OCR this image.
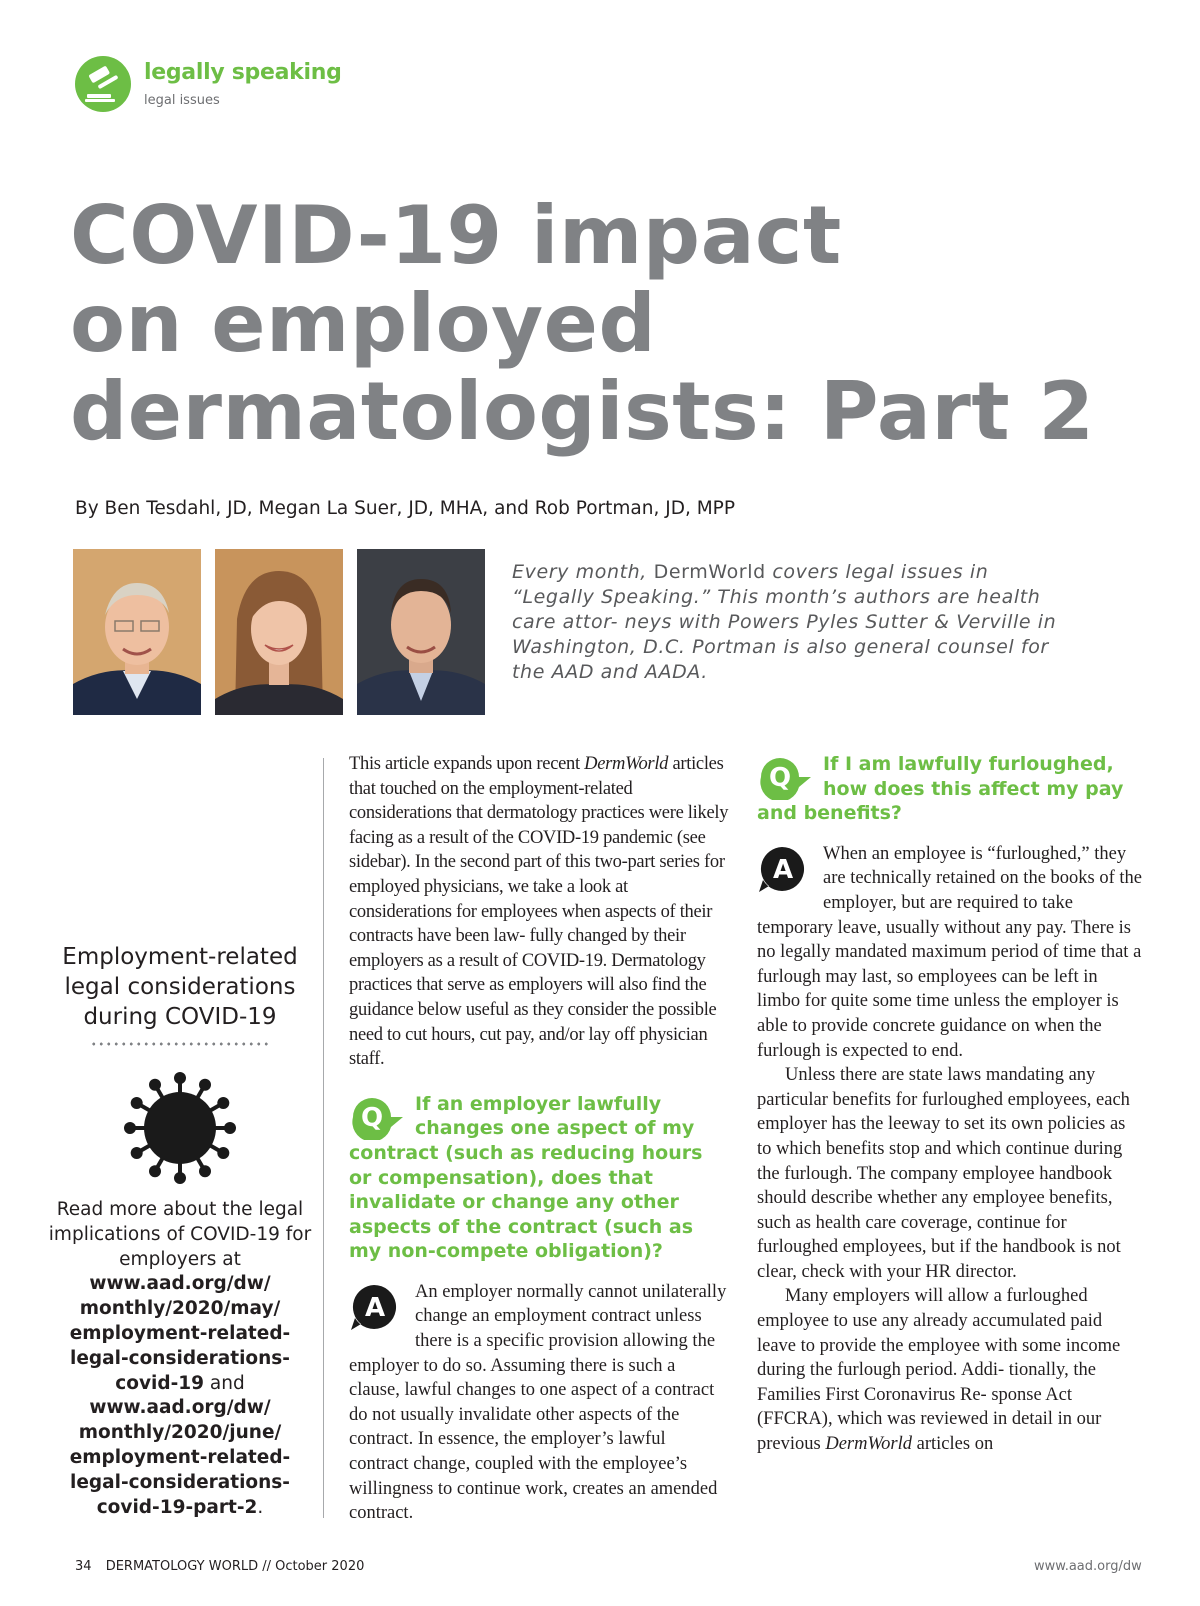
legally speaking
legal issues
COVID-19 impact
on employed
dermatologists: Part 2
By Ben Tesdahl, JD, Megan La Suer, JD, MHA, and Rob Portman, JD, MPP
Every month, DermWorld covers legal issues in “Legally Speaking.” This month’s authors are health care attor- neys with Powers Pyles Sutter & Verville in Washington, D.C. Portman is also general counsel for the AAD and AADA.
Employment-related legal considerations during COVID-19
Read more about the legal implications of COVID-19 for employers at www.aad.org/dw/ monthly/2020/may/ employment-related- legal-considerations- covid-19 and www.aad.org/dw/ monthly/2020/june/ employment-related- legal-considerations- covid-19-part-2.

This article expands upon recent DermWorld articles that touched on the employment-related considerations that dermatology practices were likely facing as a result of the COVID-19 pandemic (see sidebar). In the second part of this two-part series for employed physicians, we take a look at considerations for employees when aspects of their contracts have been law- fully changed by their employers as a result of COVID-19. Dermatology practices that serve as employers will also find the guidance below useful as they consider the possible need to cut hours, cut pay, and/or lay off physician staff.

Q If an employer lawfully changes one aspect of my contract (such as reducing hours or compensation), does that invalidate or change any other aspects of the contract (such as my non-compete obligation)?
A

An employer normally cannot unilaterally change an employment contract unless there is a specific provision allowing the employer to do so. Assuming there is such a clause, lawful changes to one aspect of a contract do not usually invalidate other aspects of the contract. In essence, the employer’s lawful contract change, coupled with the employee’s willingness to continue work, creates an amended contract.

Q If I am lawfully furloughed, how does this affect my pay and benefits?
A

When an employee is “furloughed,” they are technically retained on the books of the employer, but are required to take temporary leave, usually without any pay. There is no legally mandated maximum period of time that a furlough may last, so employees can be left in limbo for quite some time unless the employer is able to provide concrete guidance on when the furlough is expected to end.

Unless there are state laws mandating any particular benefits for furloughed employees, each employer has the leeway to set its own policies as to which benefits stop and which continue during the furlough. The company employee handbook should describe whether any employee benefits, such as health care coverage, continue for furloughed employees, but if the handbook is not clear, check with your HR director.

Many employers will allow a furloughed employee to use any already accumulated paid leave to provide the employee with some income during the furlough period. Addi- tionally, the Families First Coronavirus Re- sponse Act (FFCRA), which was reviewed in detail in our previous DermWorld articles on

34 DERMATOLOGY WORLD // October 2020	www.aad.org/dw
